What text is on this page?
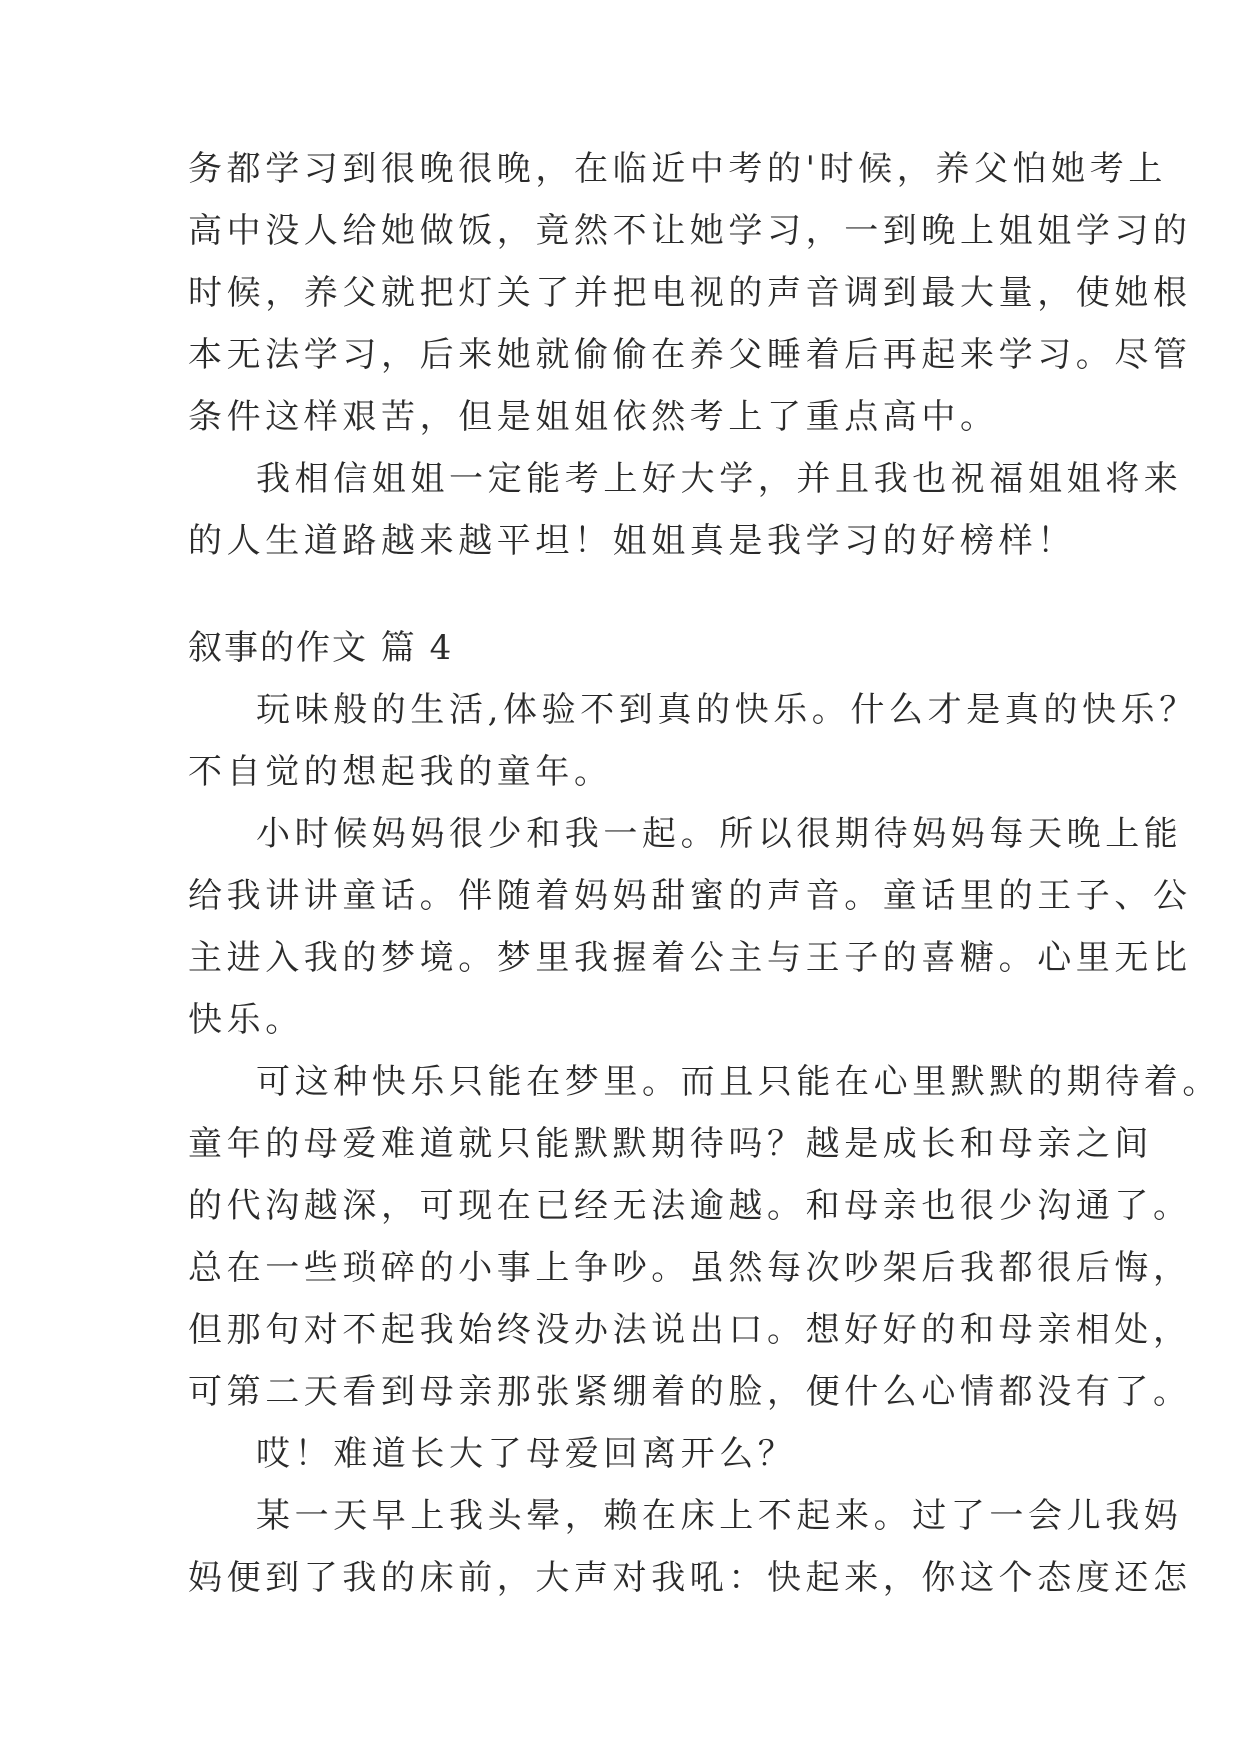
务都学习到很晚很晚，在临近中考的'时候，养父怕她考上
高中没人给她做饭，竟然不让她学习，一到晚上姐姐学习的
时候，养父就把灯关了并把电视的声音调到最大量，使她根
本无法学习，后来她就偷偷在养父睡着后再起来学习。尽管
条件这样艰苦，但是姐姐依然考上了重点高中。
我相信姐姐一定能考上好大学，并且我也祝福姐姐将来
的人生道路越来越平坦！姐姐真是我学习的好榜样！
叙事的作文 篇 4
玩味般的生活,体验不到真的快乐。什么才是真的快乐？
不自觉的想起我的童年。
小时候妈妈很少和我一起。所以很期待妈妈每天晚上能
给我讲讲童话。伴随着妈妈甜蜜的声音。童话里的王子、公
主进入我的梦境。梦里我握着公主与王子的喜糖。心里无比
快乐。
可这种快乐只能在梦里。而且只能在心里默默的期待着。
童年的母爱难道就只能默默期待吗？越是成长和母亲之间
的代沟越深，可现在已经无法逾越。和母亲也很少沟通了。
总在一些琐碎的小事上争吵。虽然每次吵架后我都很后悔，
但那句对不起我始终没办法说出口。想好好的和母亲相处，
可第二天看到母亲那张紧绷着的脸，便什么心情都没有了。
哎！难道长大了母爱回离开么？
某一天早上我头晕，赖在床上不起来。过了一会儿我妈
妈便到了我的床前，大声对我吼：快起来，你这个态度还怎
